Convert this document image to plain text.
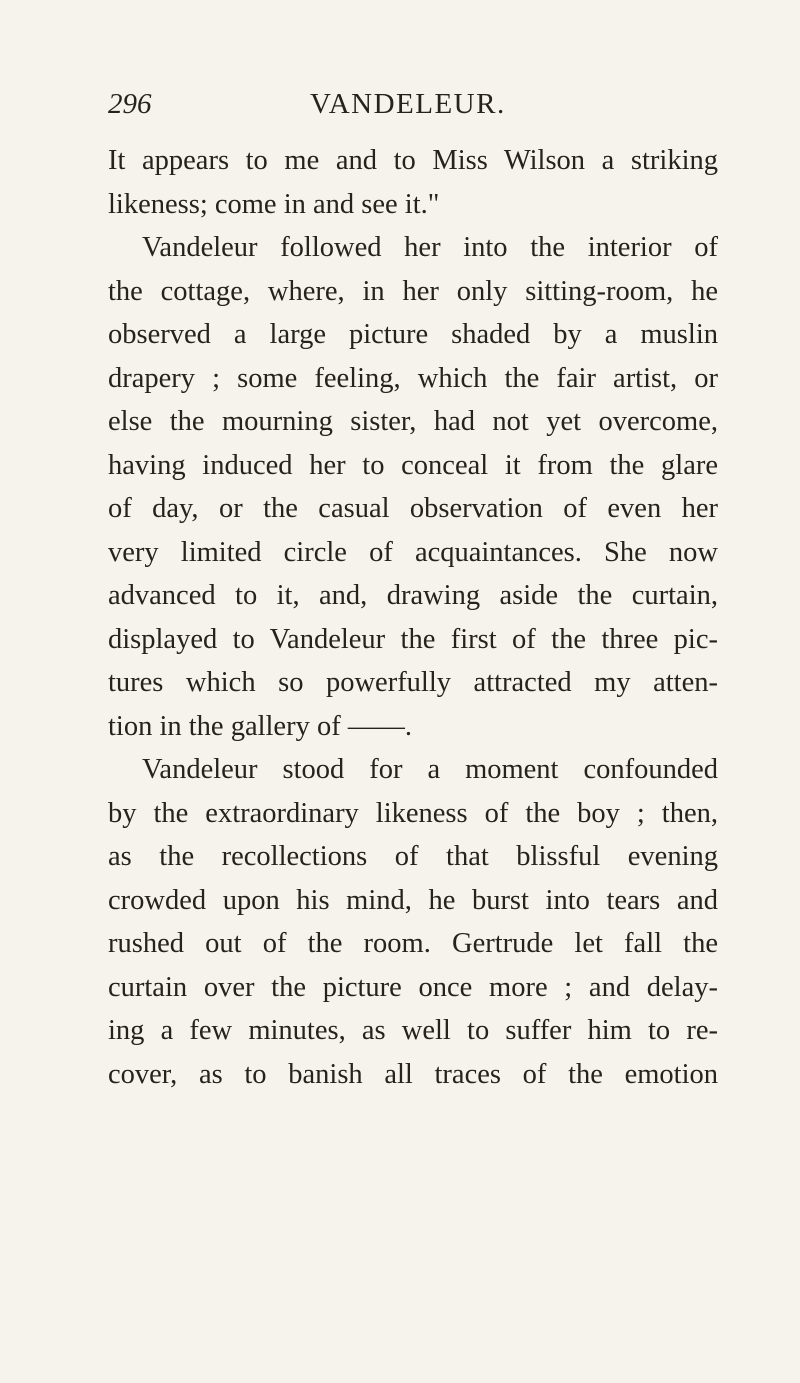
296	VANDELEUR.
It appears to me and to Miss Wilson a striking
likeness; come in and see it."
Vandeleur followed her into the interior of
the cottage, where, in her only sitting-room, he
observed a large picture shaded by a muslin
drapery ; some feeling, which the fair artist, or
else the mourning sister, had not yet overcome,
having induced her to conceal it from the glare
of day, or the casual observation of even her
very limited circle of acquaintances. She now
advanced to it, and, drawing aside the curtain,
displayed to Vandeleur the first of the three pic-
tures which so powerfully attracted my atten-
tion in the gallery of ——.
Vandeleur stood for a moment confounded
by the extraordinary likeness of the boy ; then,
as the recollections of that blissful evening
crowded upon his mind, he burst into tears and
rushed out of the room. Gertrude let fall the
curtain over the picture once more ; and delay-
ing a few minutes, as well to suffer him to re-
cover, as to banish all traces of the emotion
